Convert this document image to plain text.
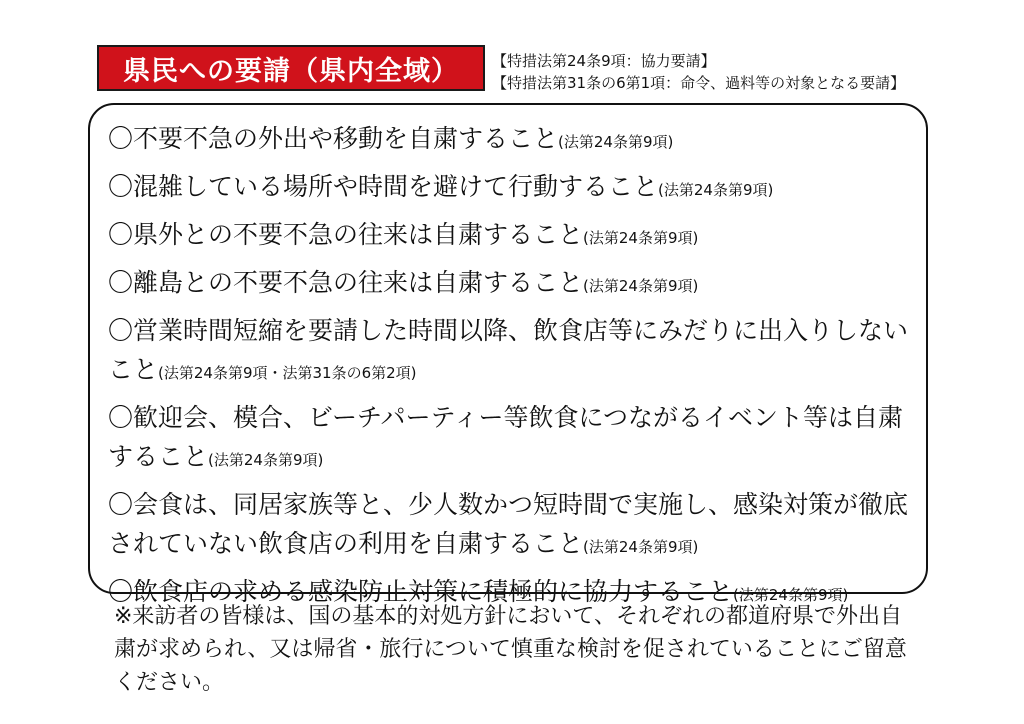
県民への要請（県内全域）	【特措法第24条9項：協力要請】
【特措法第31条の6第1項：命令、過料等の対象となる要請】

〇不要不急の外出や移動を自粛すること(法第24条第9項)

〇混雑している場所や時間を避けて行動すること(法第24条第9項)

〇県外との不要不急の往来は自粛すること(法第24条第9項)

〇離島との不要不急の往来は自粛すること(法第24条第9項)

〇営業時間短縮を要請した時間以降、飲食店等にみだりに出入りしないこと(法第24条第9項・法第31条の6第2項)

〇歓迎会、模合、ビーチパーティー等飲食につながるイベント等は自粛すること(法第24条第9項)

〇会食は、同居家族等と、少人数かつ短時間で実施し、感染対策が徹底されていない飲食店の利用を自粛すること(法第24条第9項)

〇飲食店の求める感染防止対策に積極的に協力すること(法第24条第9項)

※来訪者の皆様は、国の基本的対処方針において、それぞれの都道府県で外出自粛が求められ、又は帰省・旅行について慎重な検討を促されていることにご留意ください。
